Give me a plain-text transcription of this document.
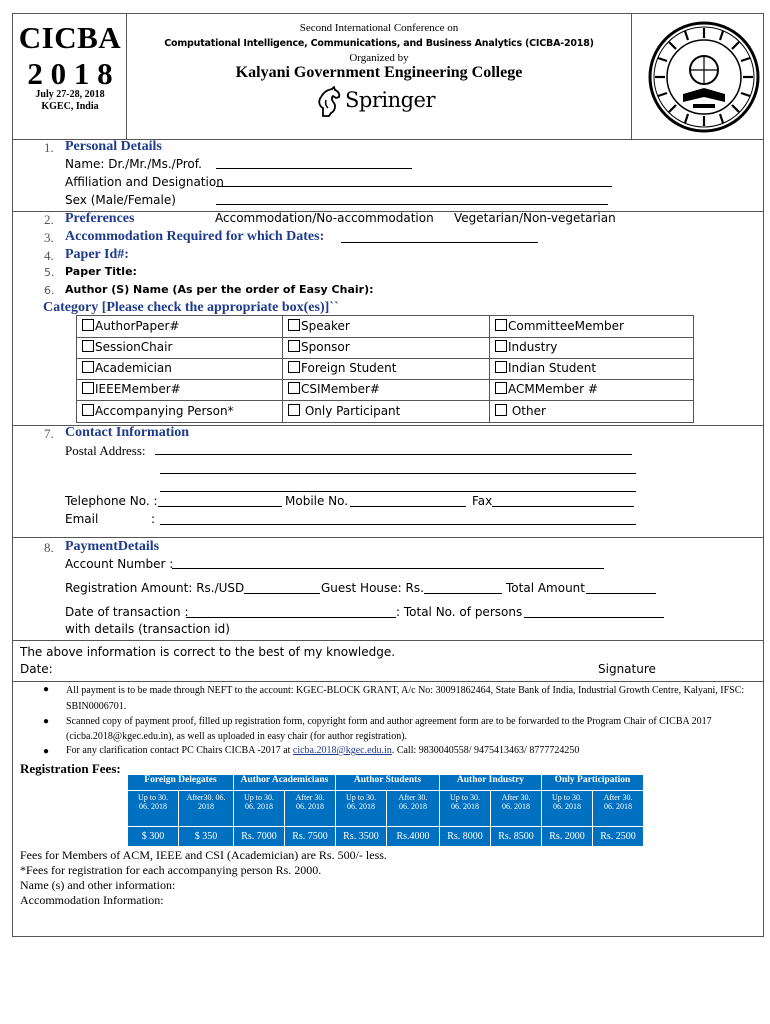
CICBA
2 0 1 8
July 27-28, 2018
KGEC, India
Second International Conference on
Computational Intelligence, Communications, and Business Analytics (CICBA-2018)
Organized by
Kalyani Government Engineering College
Springer
1. Personal Details
Name: Dr./Mr./Ms./Prof.
Affiliation and Designation
Sex (Male/Female)
2. Preferences	Accommodation/No-accommodation Vegetarian/Non-vegetarian
3. Accommodation Required for which Dates:
4. Paper Id#:
5. Paper Title:
6. Author (S) Name (As per the order of Easy Chair):
Category [Please check the appropriate box(es)]``
AuthorPaper#	Speaker	CommitteeMember
SessionChair	Sponsor	Industry
Academician	Foreign Student	Indian Student
IEEEMember#	CSIMember#	ACMMember #
Accompanying Person*	Only Participant	Other
7. Contact Information
Postal Address:
Telephone No. :	Mobile No.	Fax
Email	:
8. PaymentDetails
Account Number :
Registration Amount: Rs./USD	Guest House: Rs.	Total Amount
Date of transaction :	: Total No. of persons
with details (transaction id)
The above information is correct to the best of my knowledge.
Date:	Signature
● All payment is to be made through NEFT to the account: KGEC-BLOCK GRANT, A/c No: 30091862464, State Bank of India, Industrial Growth Centre, Kalyani, IFSC: SBIN0006701.
● Scanned copy of payment proof, filled up registration form, copyright form and author agreement form are to be forwarded to the Program Chair of CICBA 2017 (cicba.2018@kgec.edu.in), as well as uploaded in easy chair (for author registration).
● For any clarification contact PC Chairs CICBA -2017 at cicba.2018@kgec.edu.in. Call: 9830040558/ 9475413463/ 8777724250
Registration Fees:
Foreign Delegates		Author Academicians		Author Students		Author Industry		Only Participation	
Up to 30. 06. 2018	After30. 06. 2018	Up to 30. 06. 2018	After 30. 06. 2018	Up to 30. 06. 2018	After 30. 06. 2018	Up to 30. 06. 2018	After 30. 06. 2018	Up to 30. 06. 2018	After 30. 06. 2018
$ 300	$ 350	Rs. 7000	Rs. 7500	Rs. 3500	Rs.4000	Rs. 8000	Rs. 8500	Rs. 2000	Rs. 2500
Fees for Members of ACM, IEEE and CSI (Academician) are Rs. 500/- less.
*Fees for registration for each accompanying person Rs. 2000.
Name (s) and other information:
Accommodation Information:
